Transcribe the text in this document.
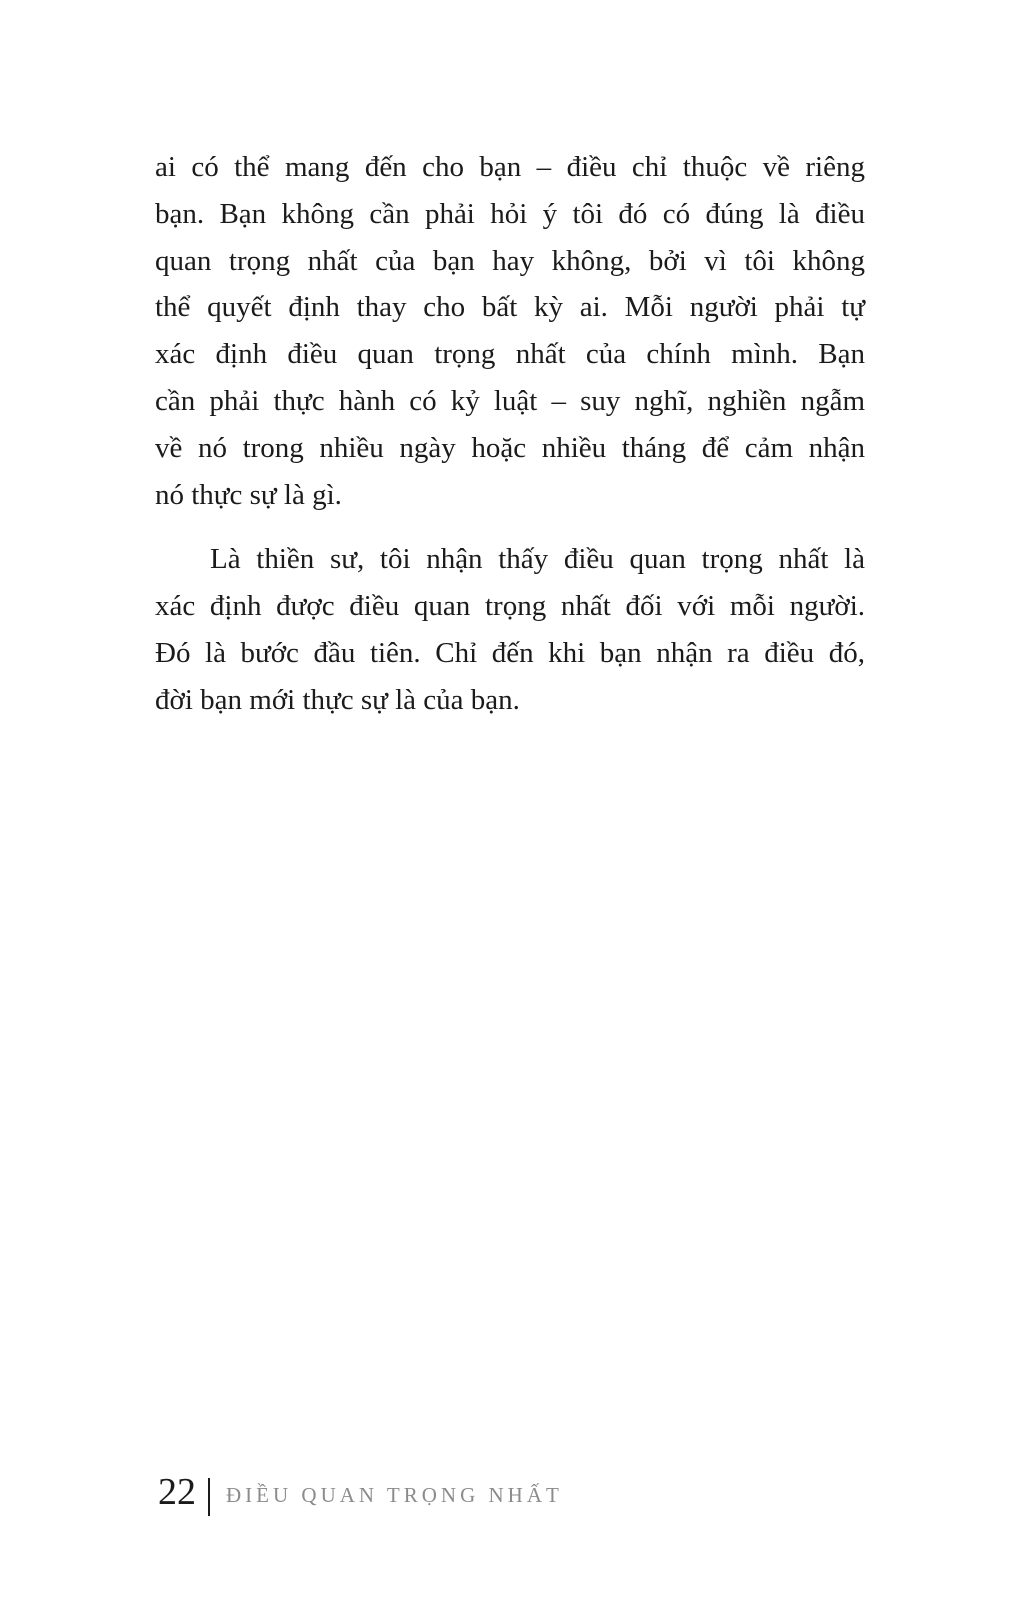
ai có thể mang đến cho bạn – điều chỉ thuộc về riêng
bạn. Bạn không cần phải hỏi ý tôi đó có đúng là điều
quan trọng nhất của bạn hay không, bởi vì tôi không
thể quyết định thay cho bất kỳ ai. Mỗi người phải tự
xác định điều quan trọng nhất của chính mình. Bạn
cần phải thực hành có kỷ luật – suy nghĩ, nghiền ngẫm
về nó trong nhiều ngày hoặc nhiều tháng để cảm nhận
nó thực sự là gì.
Là thiền sư, tôi nhận thấy điều quan trọng nhất là
xác định được điều quan trọng nhất đối với mỗi người.
Đó là bước đầu tiên. Chỉ đến khi bạn nhận ra điều đó,
đời bạn mới thực sự là của bạn.
22 ĐIỀU QUAN TRỌNG NHẤT
